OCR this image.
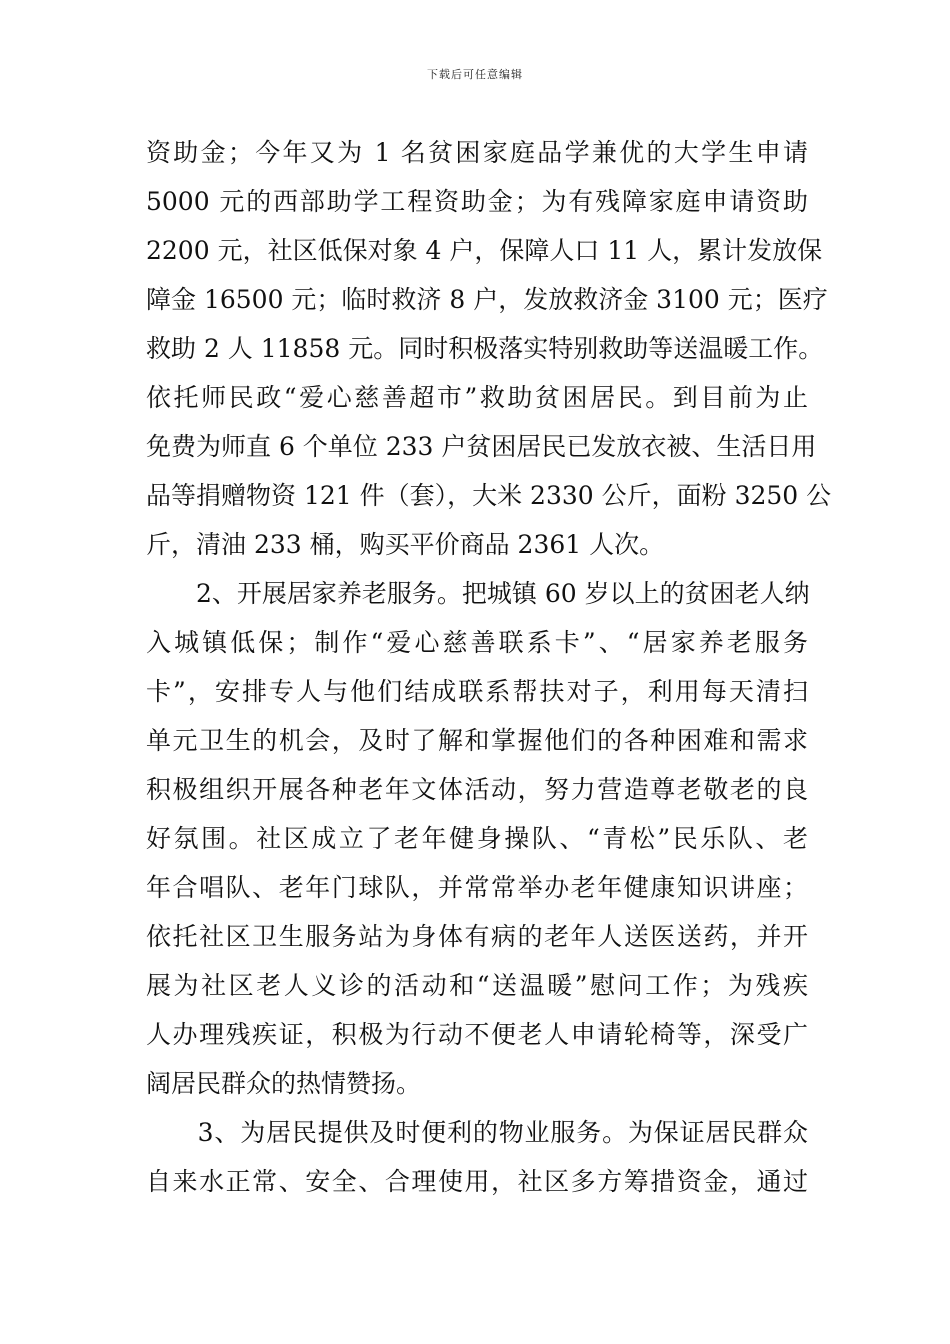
下载后可任意编辑
资助金；今年又为 1 名贫困家庭品学兼优的大学生申请
5000 元的西部助学工程资助金；为有残障家庭申请资助
2200 元，社区低保对象 4 户，保障人口 11 人，累计发放保
障金 16500 元；临时救济 8 户，发放救济金 3100 元；医疗
救助 2 人 11858 元。同时积极落实特别救助等送温暖工作。
依托师民政“爱心慈善超市”救助贫困居民。到目前为止
免费为师直 6 个单位 233 户贫困居民已发放衣被、生活日用
品等捐赠物资 121 件（套），大米 2330 公斤，面粉 3250 公
斤，清油 233 桶，购买平价商品 2361 人次。
　　2、开展居家养老服务。把城镇 60 岁以上的贫困老人纳
入城镇低保；制作“爱心慈善联系卡”、“居家养老服务
卡”，安排专人与他们结成联系帮扶对子，利用每天清扫
单元卫生的机会，及时了解和掌握他们的各种困难和需求
积极组织开展各种老年文体活动，努力营造尊老敬老的良
好氛围。社区成立了老年健身操队、“青松”民乐队、老
年合唱队、老年门球队，并常常举办老年健康知识讲座；
依托社区卫生服务站为身体有病的老年人送医送药，并开
展为社区老人义诊的活动和“送温暖”慰问工作；为残疾
人办理残疾证，积极为行动不便老人申请轮椅等，深受广
阔居民群众的热情赞扬。
　　3、为居民提供及时便利的物业服务。为保证居民群众
自来水正常、安全、合理使用，社区多方筹措资金，通过
